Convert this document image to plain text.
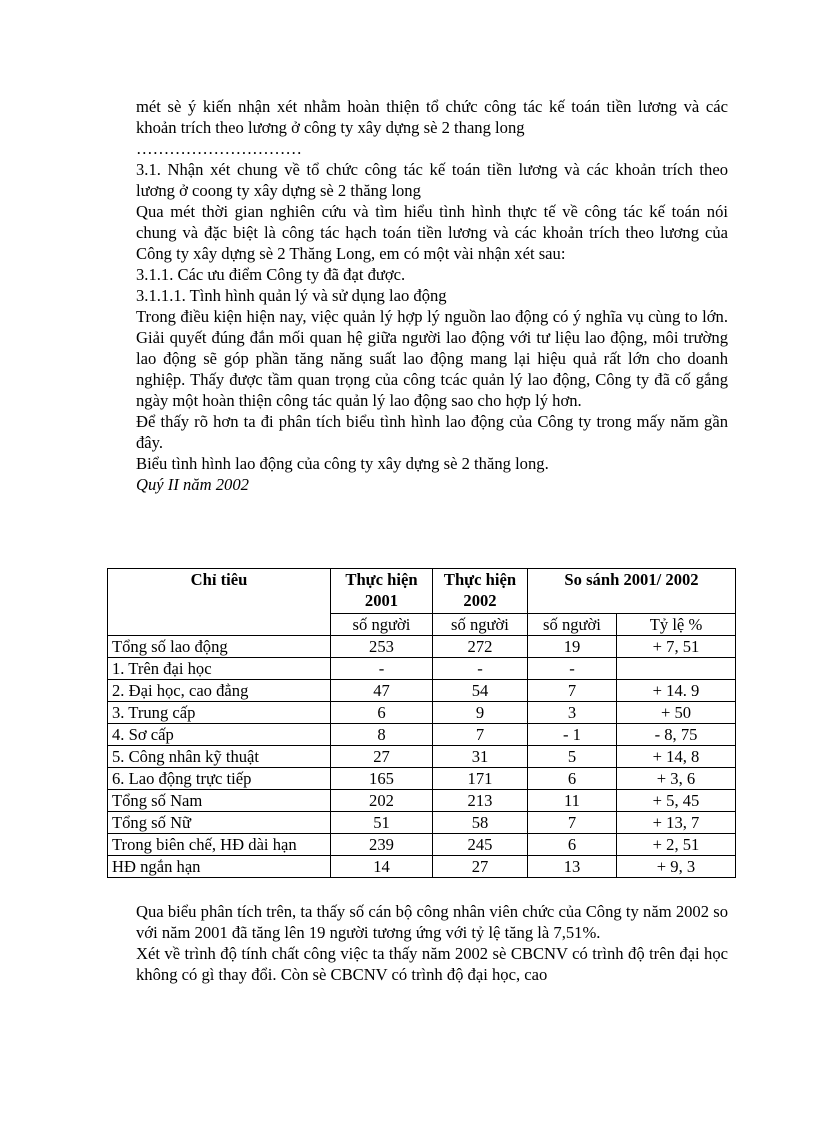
mét sè ý kiến nhận xét nhằm hoàn thiện tổ chức công tác kế toán tiền lương và các khoản trích theo lương ở công ty xây dựng sè 2 thang long

…………………………

3.1. Nhận xét chung về tổ chức công tác kế toán tiền lương và các khoản trích theo lương ở coong ty xây dựng sè 2 thăng long

Qua mét thời gian nghiên cứu và tìm hiểu tình hình thực tế về công tác kế toán nói chung và đặc biệt là công tác hạch toán tiền lương và các khoản trích theo lương của Công ty xây dựng sè 2 Thăng Long, em có một vài nhận xét sau:

3.1.1. Các ưu điểm Công ty đã đạt được.

3.1.1.1. Tình hình quản lý và sử dụng lao động

Trong điều kiện hiện nay, việc quản lý hợp lý nguồn lao động có ý nghĩa vụ cùng to lớn. Giải quyết đúng đắn mối quan hệ giữa người lao động với tư liệu lao động, môi trường lao động sẽ góp phần tăng năng suất lao động mang lại hiệu quả rất lớn cho doanh nghiệp. Thấy được tầm quan trọng của công tcác quản lý lao động, Công ty đã cố gắng ngày một hoàn thiện công tác quản lý lao động sao cho hợp lý hơn.

Để thấy rõ hơn ta đi phân tích biểu tình hình lao động của Công ty trong mấy năm gần đây.

Biểu tình hình lao động của công ty xây dựng sè 2 thăng long.

Quý II năm 2002

Chỉ tiêu	Thực hiện 2001	Thực hiện 2002	So sánh 2001/ 2002	
	số người	số người	số người	Tỷ lệ %
Tổng số lao động	253	272	19	+ 7, 51
1. Trên đại học	-	-	-	
2. Đại học, cao đẳng	47	54	7	+ 14. 9
3. Trung cấp	6	9	3	+ 50
4. Sơ cấp	8	7	- 1	- 8, 75
5. Công nhân kỹ thuật	27	31	5	+ 14, 8
6. Lao động trực tiếp	165	171	6	+ 3, 6
Tổng số Nam	202	213	11	+ 5, 45
Tổng số Nữ	51	58	7	+ 13, 7
Trong biên chế, HĐ dài hạn	239	245	6	+ 2, 51
HĐ ngắn hạn	14	27	13	+ 9, 3

Qua biểu phân tích trên, ta thấy số cán bộ công nhân viên chức của Công ty năm 2002 so với năm 2001 đã tăng lên 19 người tương ứng với tỷ lệ tăng là 7,51%.

Xét về trình độ tính chất công việc ta thấy năm 2002 sè CBCNV có trình độ trên đại học không có gì thay đổi. Còn sè CBCNV có trình độ đại học, cao
